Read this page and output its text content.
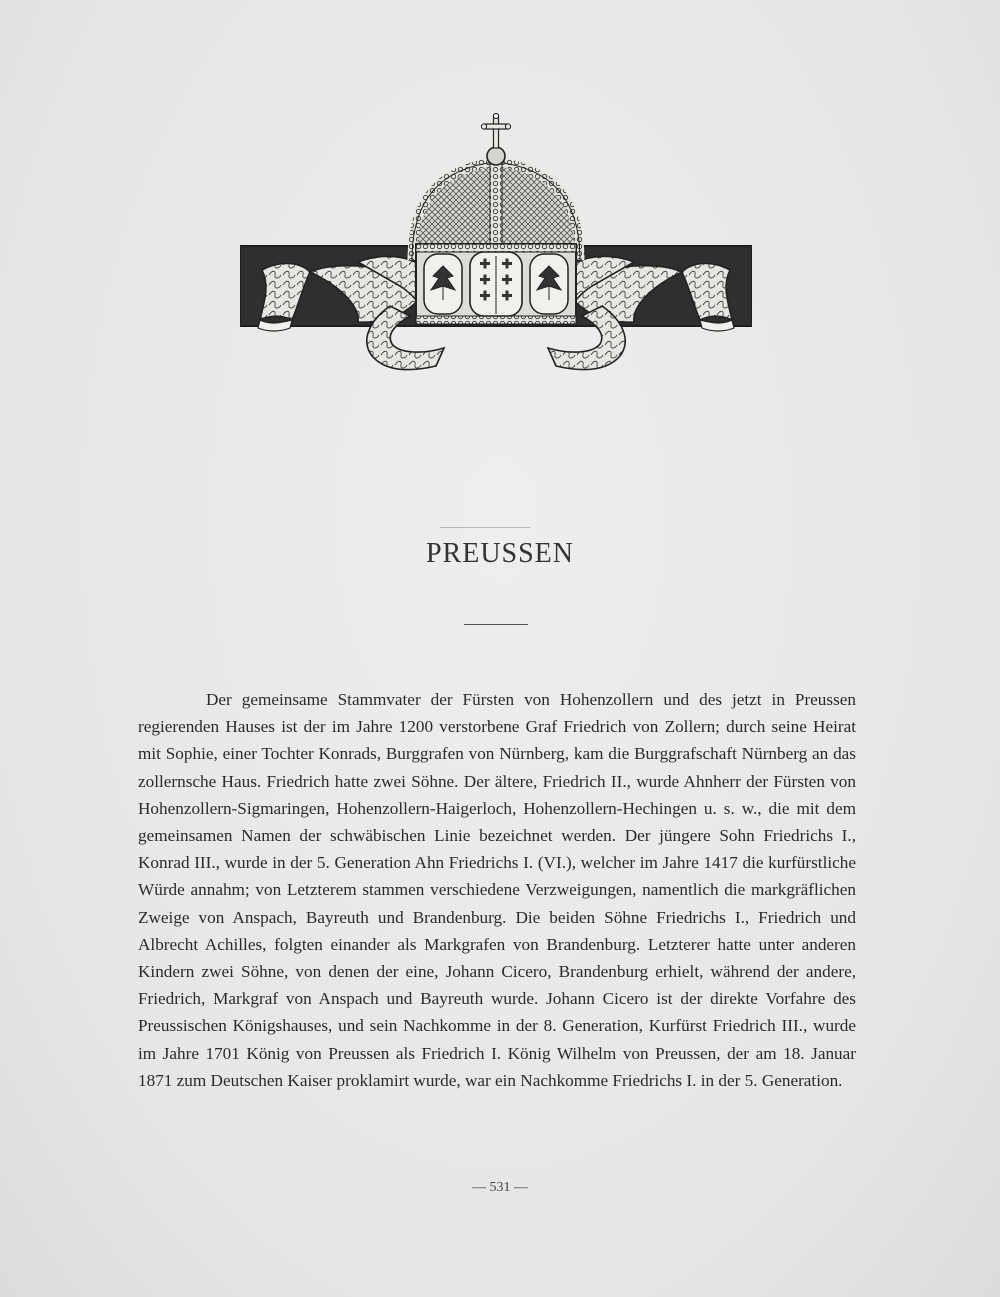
PREUSSEN

Der gemeinsame Stammvater der Fürsten von Hohenzollern und des jetzt in Preussen regierenden Hauses ist der im Jahre 1200 verstorbene Graf Friedrich von Zollern; durch seine Heirat mit Sophie, einer Tochter Konrads, Burggrafen von Nürnberg, kam die Burggrafschaft Nürnberg an das zollernsche Haus. Friedrich hatte zwei Söhne. Der ältere, Friedrich II., wurde Ahnherr der Fürsten von Hohenzollern-Sigmaringen, Hohenzollern-Haigerloch, Hohenzollern-Hechingen u. s. w., die mit dem gemeinsamen Namen der schwäbischen Linie bezeichnet werden. Der jüngere Sohn Friedrichs I., Konrad III., wurde in der 5. Generation Ahn Friedrichs I. (VI.), welcher im Jahre 1417 die kurfürstliche Würde annahm; von Letzterem stammen verschiedene Verzweigungen, namentlich die markgräflichen Zweige von Anspach, Bayreuth und Brandenburg. Die beiden Söhne Friedrichs I., Friedrich und Albrecht Achilles, folgten einander als Markgrafen von Brandenburg. Letzterer hatte unter anderen Kindern zwei Söhne, von denen der eine, Johann Cicero, Brandenburg erhielt, während der andere, Friedrich, Markgraf von Anspach und Bayreuth wurde. Johann Cicero ist der direkte Vorfahre des Preussischen Königshauses, und sein Nachkomme in der 8. Generation, Kurfürst Friedrich III., wurde im Jahre 1701 König von Preussen als Friedrich I. König Wilhelm von Preussen, der am 18. Januar 1871 zum Deutschen Kaiser proklamirt wurde, war ein Nachkomme Friedrichs I. in der 5. Generation.

— 531 —
